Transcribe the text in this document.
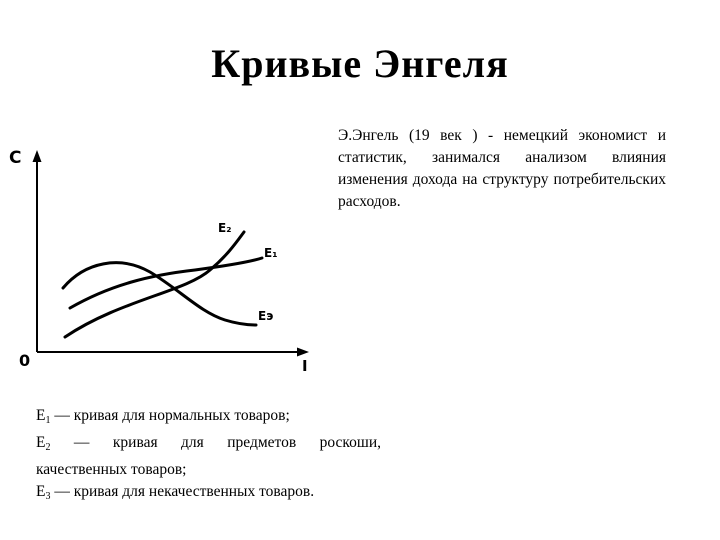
Кривые Энгеля
Э.Энгель (19 век ) - немецкий экономист и статистик, занимался анализом влияния изменения дохода на структуру потребительских расходов.
C
I
0
E₂
E₁
Eэ
$E_1$ — кривая для нормальных товаров;
$E_2$ — кривая для предметов роскоши,
качественных товаров;
$E_3$ — кривая для некачественных товаров.
